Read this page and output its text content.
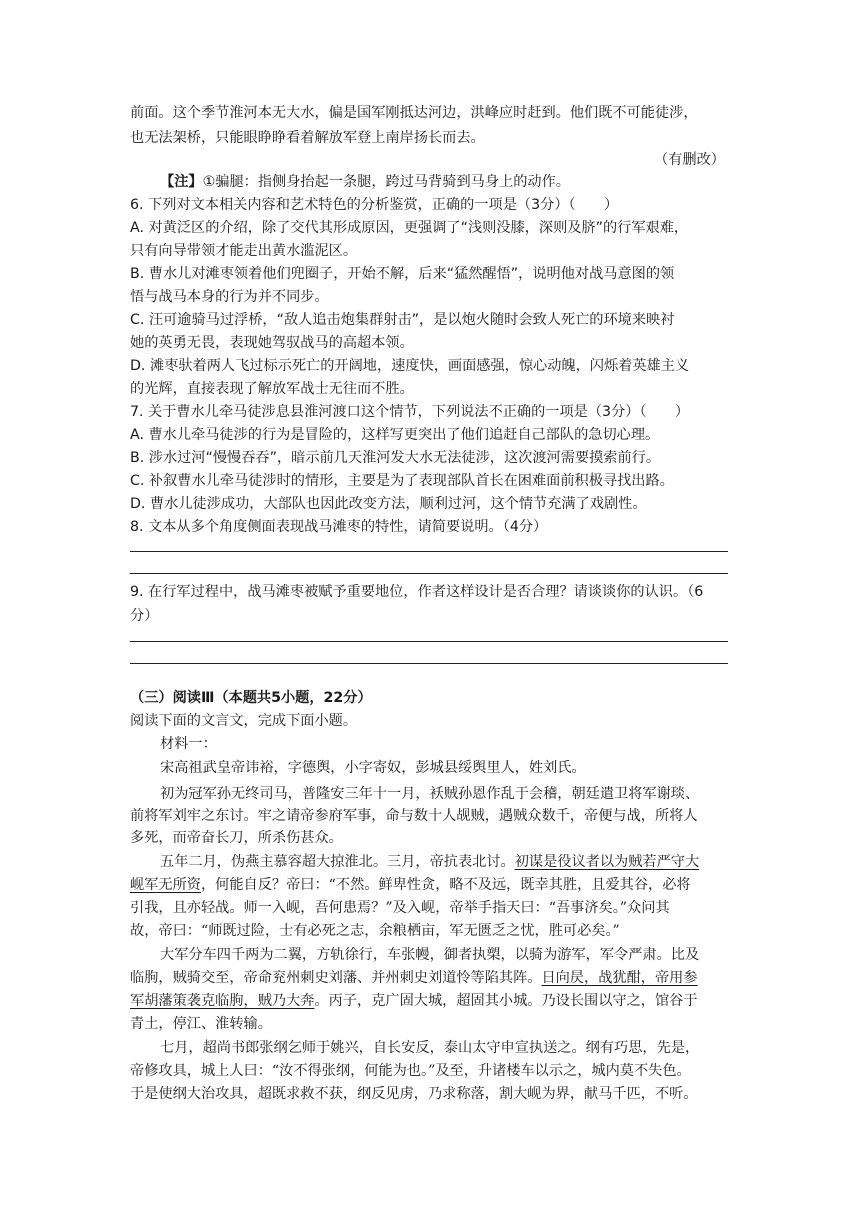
前面。这个季节淮河本无大水，偏是国军刚抵达河边，洪峰应时赶到。他们既不可能徒涉，
也无法架桥，只能眼睁睁看着解放军登上南岸扬长而去。
（有删改）
【注】①骗腿：指侧身抬起一条腿，跨过马背骑到马身上的动作。
6. 下列对文本相关内容和艺术特色的分析鉴赏，正确的一项是（3分）（　　）
A. 对黄泛区的介绍，除了交代其形成原因，更强调了“浅则没膝，深则及脐”的行军艰难，
只有向导带领才能走出黄水滥泥区。
B. 曹水儿对滩枣领着他们兜圈子，开始不解，后来“猛然醒悟”，说明他对战马意图的领
悟与战马本身的行为并不同步。
C. 汪可逾骑马过浮桥，“敌人追击炮集群射击”，是以炮火随时会致人死亡的环境来映衬
她的英勇无畏，表现她驾驭战马的高超本领。
D. 滩枣驮着两人飞过标示死亡的开阔地，速度快，画面感强，惊心动魄，闪烁着英雄主义
的光辉，直接表现了解放军战士无往而不胜。
7. 关于曹水儿牵马徒涉息县淮河渡口这个情节，下列说法不正确的一项是（3分）（　　）
A. 曹水儿牵马徒涉的行为是冒险的，这样写更突出了他们追赶自己部队的急切心理。
B. 涉水过河“慢慢吞吞”，暗示前几天淮河发大水无法徒涉，这次渡河需要摸索前行。
C. 补叙曹水儿牵马徒涉时的情形，主要是为了表现部队首长在困难面前积极寻找出路。
D. 曹水儿徒涉成功，大部队也因此改变方法，顺利过河，这个情节充满了戏剧性。
8. 文本从多个角度侧面表现战马滩枣的特性，请简要说明。（4分）
9. 在行军过程中，战马滩枣被赋予重要地位，作者这样设计是否合理？请谈谈你的认识。（6
分）
（三）阅读Ⅲ（本题共5小题，22分）
阅读下面的文言文，完成下面小题。
材料一：
宋高祖武皇帝讳裕，字德舆，小字寄奴，彭城县绥舆里人，姓刘氏。
初为冠军孙无终司马，普隆安三年十一月，袄贼孙恩作乱于会稽，朝廷遣卫将军谢琰、
前将军刘牢之东讨。牢之请帝参府军事，命与数十人觇贼，遇贼众数千，帝便与战，所将人
多死，而帝奋长刀，所杀伤甚众。
五年二月，伪燕主慕容超大掠淮北。三月，帝抗表北讨。初谋是役议者以为贼若严守大
岘军无所资，何能自反？帝曰：“不然。鲜卑性贪，略不及远，既幸其胜，且爱其谷，必将
引我，且亦轻战。师一入岘，吾何患焉？”及入岘，帝举手指天曰：“吾事济矣。”众问其
故，帝曰：“师既过险，士有必死之志，余粮栖亩，军无匮乏之忧，胜可必矣。”
大军分车四千两为二翼，方轨徐行，车张幔，御者执槊，以骑为游军，军令严肃。比及
临朐，贼骑交至，帝命兖州刺史刘藩、并州刺史刘道怜等陷其阵。日向昃，战犹酣，帝用参
军胡藩策袭克临朐，贼乃大奔。丙子，克广固大城，超固其小城。乃设长围以守之，馆谷于
青土，停江、淮转输。
七月，超尚书郎张纲乞师于姚兴，自长安反，泰山太守申宣执送之。纲有巧思，先是，
帝修攻具，城上人曰：“汝不得张纲，何能为也。”及至，升诸楼车以示之，城内莫不失色。
于是使纲大治攻具，超既求救不获，纲反见虏，乃求称落，割大岘为界，献马千匹，不听。
